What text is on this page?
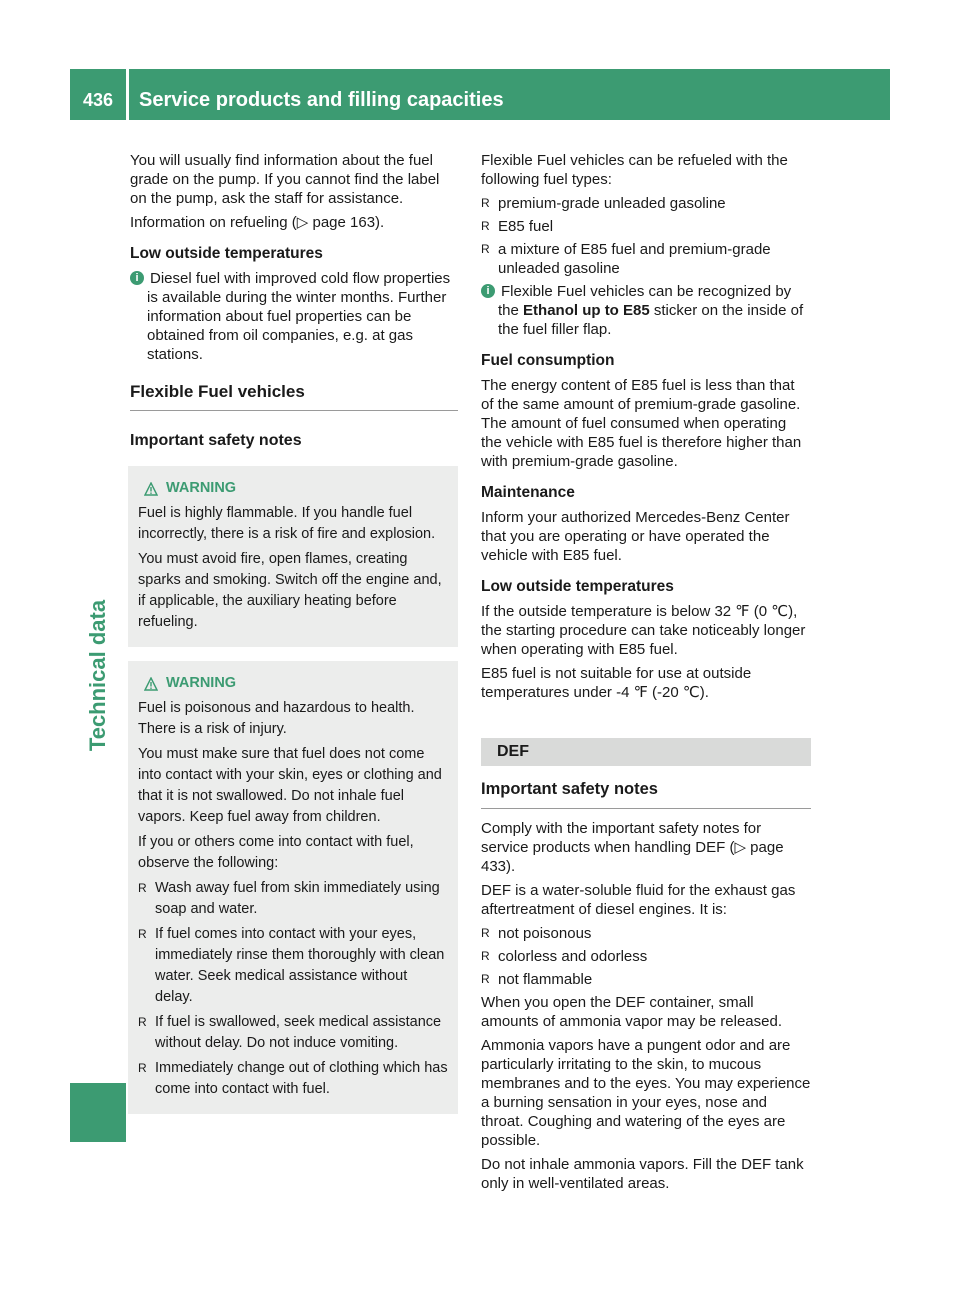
436	Service products and filling capacities
Technical data

You will usually find information about the fuel grade on the pump. If you cannot find the label on the pump, ask the staff for assistance.

Information on refueling (▷ page 163).

Low outside temperatures
i Diesel fuel with improved cold flow properties is available during the winter months. Further information about fuel properties can be obtained from oil companies, e.g. at gas stations.
Flexible Fuel vehicles
Important safety notes
WARNING

Fuel is highly flammable. If you handle fuel incorrectly, there is a risk of fire and explosion.

You must avoid fire, open flames, creating sparks and smoking. Switch off the engine and, if applicable, the auxiliary heating before refueling.

WARNING

Fuel is poisonous and hazardous to health. There is a risk of injury.

You must make sure that fuel does not come into contact with your skin, eyes or clothing and that it is not swallowed. Do not inhale fuel vapors. Keep fuel away from children.

If you or others come into contact with fuel, observe the following:

R Wash away fuel from skin immediately using soap and water.
R If fuel comes into contact with your eyes, immediately rinse them thoroughly with clean water. Seek medical assistance without delay.
R If fuel is swallowed, seek medical assistance without delay. Do not induce vomiting.
R Immediately change out of clothing which has come into contact with fuel.

Flexible Fuel vehicles can be refueled with the following fuel types:

R premium-grade unleaded gasoline
R E85 fuel
R a mixture of E85 fuel and premium-grade unleaded gasoline
i Flexible Fuel vehicles can be recognized by the Ethanol up to E85 sticker on the inside of the fuel filler flap.
Fuel consumption

The energy content of E85 fuel is less than that of the same amount of premium-grade gasoline. The amount of fuel consumed when operating the vehicle with E85 fuel is therefore higher than with premium-grade gasoline.

Maintenance

Inform your authorized Mercedes-Benz Center that you are operating or have operated the vehicle with E85 fuel.

Low outside temperatures

If the outside temperature is below 32 ℉ (0 ℃), the starting procedure can take noticeably longer when operating with E85 fuel.

E85 fuel is not suitable for use at outside temperatures under -4 ℉ (-20 ℃).

DEF
Important safety notes

Comply with the important safety notes for service products when handling DEF (▷ page 433).

DEF is a water-soluble fluid for the exhaust gas aftertreatment of diesel engines. It is:

R not poisonous
R colorless and odorless
R not flammable

When you open the DEF container, small amounts of ammonia vapor may be released.

Ammonia vapors have a pungent odor and are particularly irritating to the skin, to mucous membranes and to the eyes. You may experience a burning sensation in your eyes, nose and throat. Coughing and watering of the eyes are possible.

Do not inhale ammonia vapors. Fill the DEF tank only in well-ventilated areas.
